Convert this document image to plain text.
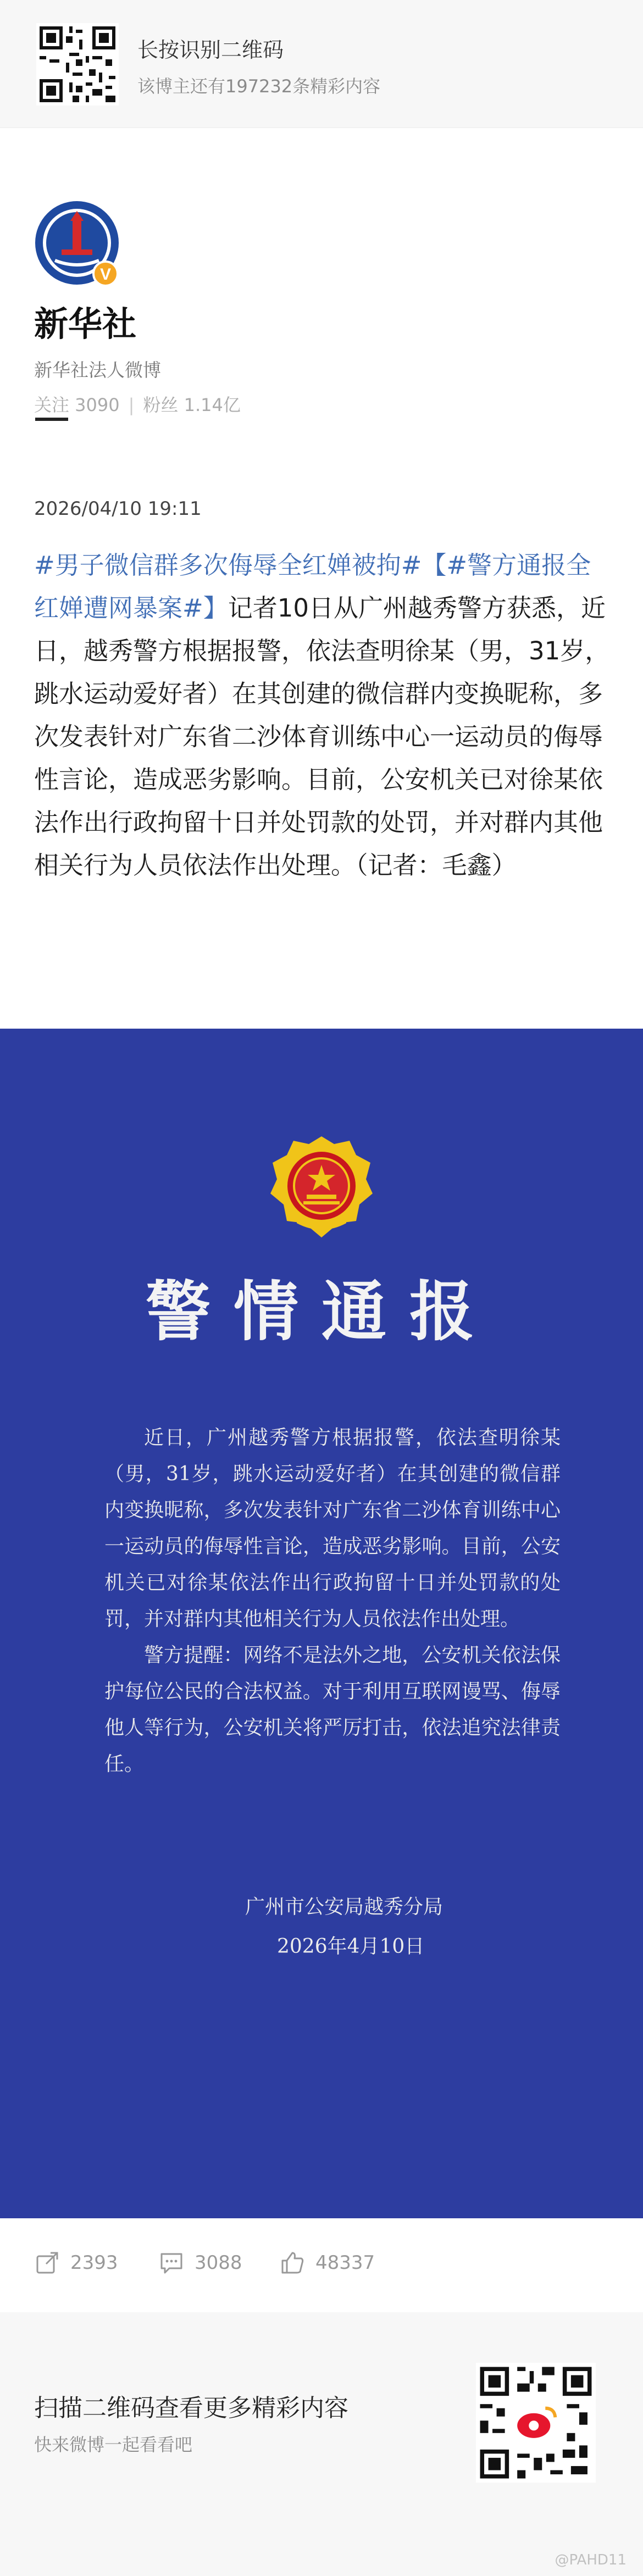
长按识别二维码
该博主还有197232条精彩内容
V
新华社
新华社法人微博
关注 3090 | 粉丝 1.14亿
2026/04/10 19:11

#男子微信群多次侮辱全红婵被拘#【#警方通报全红婵遭网暴案#】记者10日从广州越秀警方获悉，近日，越秀警方根据报警，依法查明徐某（男，31岁，跳水运动爱好者）在其创建的微信群内变换昵称，多次发表针对广东省二沙体育训练中心一运动员的侮辱性言论，造成恶劣影响。目前，公安机关已对徐某依法作出行政拘留十日并处罚款的处罚，并对群内其他相关行为人员依法作出处理。（记者：毛鑫）

警情通报

近日，广州越秀警方根据报警，依法查明徐某（男，31岁，跳水运动爱好者）在其创建的微信群内变换昵称，多次发表针对广东省二沙体育训练中心一运动员的侮辱性言论，造成恶劣影响。目前，公安机关已对徐某依法作出行政拘留十日并处罚款的处罚，并对群内其他相关行为人员依法作出处理。

警方提醒：网络不是法外之地，公安机关依法保护每位公民的合法权益。对于利用互联网谩骂、侮辱他人等行为，公安机关将严厉打击，依法追究法律责任。

广州市公安局越秀分局
2026年4月10日
2393	3088	48337
扫描二维码查看更多精彩内容
快来微博一起看看吧
@PAHD11
